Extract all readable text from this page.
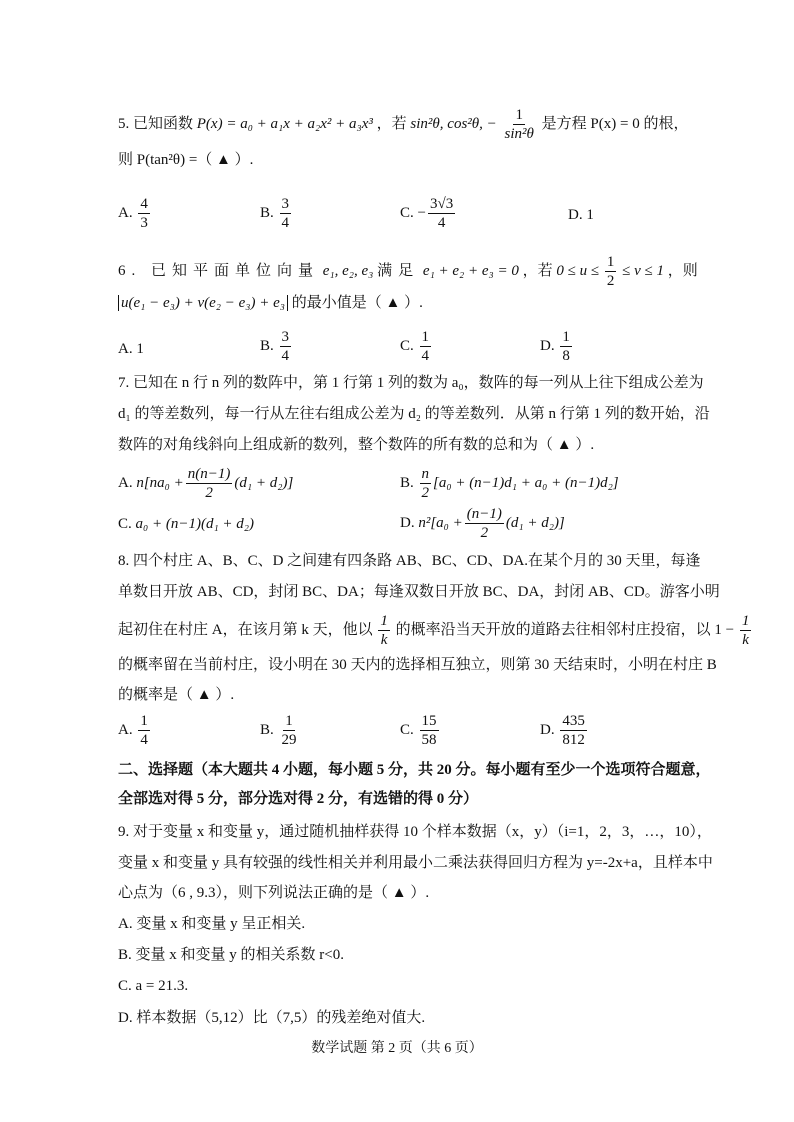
5. 已知函数 P(x) = a₀ + a₁x + a₂x² + a₃x³ ，若 sin²θ, cos²θ, − $\frac{1}{\text{sin²θ}}$ 是方程 P(x) = 0 的根，
则 P(tan²θ) =（ ▲ ）.
A. $\frac{4}{3}$	B. $\frac{3}{4}$	C. − $\frac{3√3}{4}$	D. 1
6. 已知平面单位向量 e₁, e₂, e₃ 满足 e₁ + e₂ + e₃ = 0 ，若 $0 \le u \le \frac{1}{2} \le v \le 1$ ，则
u(e₁ − e₃) + v(e₂ − e₃) + e₃ 的最小值是（ ▲ ）.
A. 1	B. $\frac{3}{4}$	C. $\frac{1}{4}$	D. $\frac{1}{8}$
7. 已知在 n 行 n 列的数阵中，第 1 行第 1 列的数为 a₀，数阵的每一列从上往下组成公差为
d₁ 的等差数列，每一行从左往右组成公差为 d₂ 的等差数列．从第 n 行第 1 列的数开始，沿
数阵的对角线斜向上组成新的数列，整个数阵的所有数的总和为（ ▲ ）.
A. $n[na_0 + \frac{n(n-1)}{2} (d_1 + d_2)]$	B. $\frac{n}{2} [a_0 + (n-1)d_1 + a_0 + (n-1)d_2]$
C. a₀ + (n−1)(d₁ + d₂)	D. $n^2[a_0 + \frac{(n-1)}{2} (d_1 + d_2)]$
8. 四个村庄 A、B、C、D 之间建有四条路 AB、BC、CD、DA.在某个月的 30 天里，每逢
单数日开放 AB、CD，封闭 BC、DA；每逢双数日开放 BC、DA，封闭 AB、CD。游客小明
起初住在村庄 A，在该月第 k 天，他以 $\frac{1}{k}$ 的概率沿当天开放的道路去往相邻村庄投宿，以 $1 - \frac{1}{k}$
的概率留在当前村庄，设小明在 30 天内的选择相互独立，则第 30 天结束时，小明在村庄 B
的概率是（ ▲ ）.
A. $\frac{1}{4}$	B. $\frac{1}{29}$	C. $\frac{15}{58}$	D. $\frac{435}{812}$
二、选择题（本大题共 4 小题，每小题 5 分，共 20 分。每小题有至少一个选项符合题意，
全部选对得 5 分，部分选对得 2 分，有选错的得 0 分）
9. 对于变量 x 和变量 y，通过随机抽样获得 10 个样本数据（x，y）（i=1，2，3，…，10），
变量 x 和变量 y 具有较强的线性相关并利用最小二乘法获得回归方程为 y=-2x+a，且样本中
心点为（6 , 9.3），则下列说法正确的是（ ▲ ）.
A. 变量 x 和变量 y 呈正相关.
B. 变量 x 和变量 y 的相关系数 r<0.
C. a = 21.3.
D. 样本数据（5,12）比（7,5）的残差绝对值大.
数学试题 第 2 页（共 6 页）
